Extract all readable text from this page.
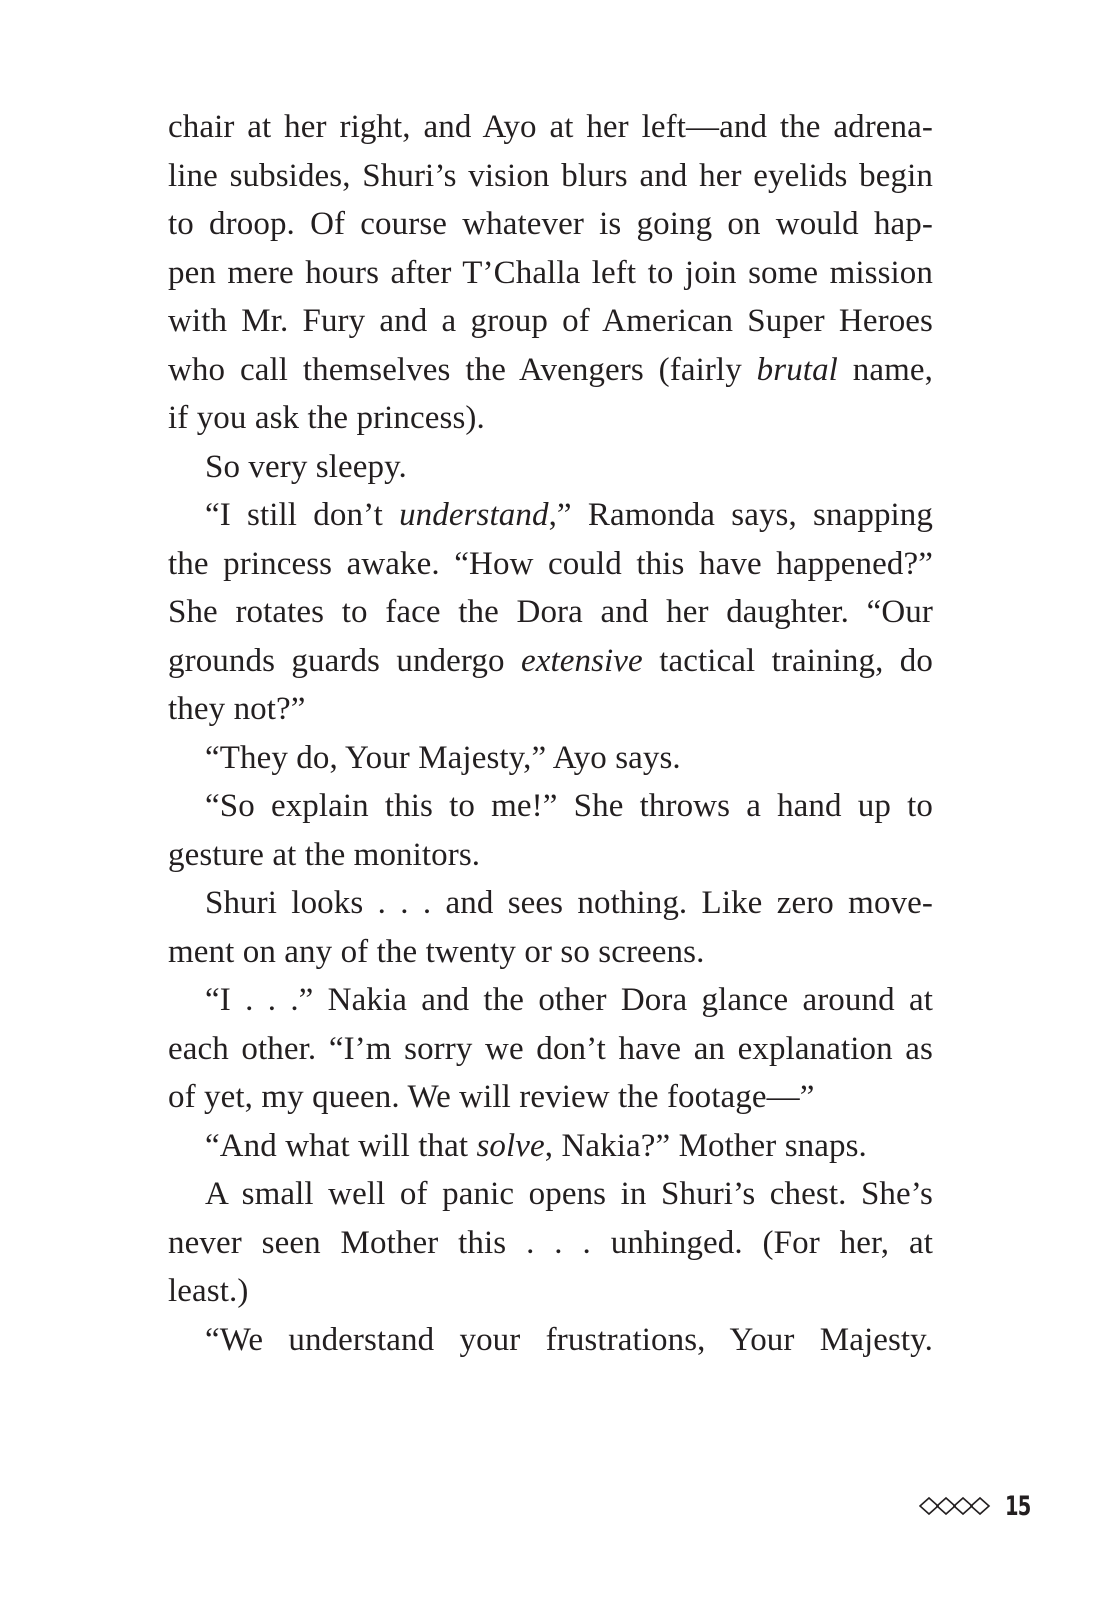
chair at her right, and Ayo at her left—and the adrena-
line subsides, Shuri’s vision blurs and her eyelids begin
to droop. Of course whatever is going on would hap-
pen mere hours after T’Challa left to join some mission
with Mr. Fury and a group of American Super Heroes
who call themselves the Avengers (fairly brutal name,
if you ask the princess).
So very sleepy.
“I still don’t understand,” Ramonda says, snapping
the princess awake. “How could this have happened?”
She rotates to face the Dora and her daughter. “Our
grounds guards undergo extensive tactical training, do
they not?”
“They do, Your Majesty,” Ayo says.
“So explain this to me!” She throws a hand up to
gesture at the monitors.
Shuri looks . . . and sees nothing. Like zero move-
ment on any of the twenty or so screens.
“I . . .” Nakia and the other Dora glance around at
each other. “I’m sorry we don’t have an explanation as
of yet, my queen. We will review the footage—”
“And what will that solve, Nakia?” Mother snaps.
A small well of panic opens in Shuri’s chest. She’s
never seen Mother this . . . unhinged. (For her, at
least.)
“We understand your frustrations, Your Majesty.
15
